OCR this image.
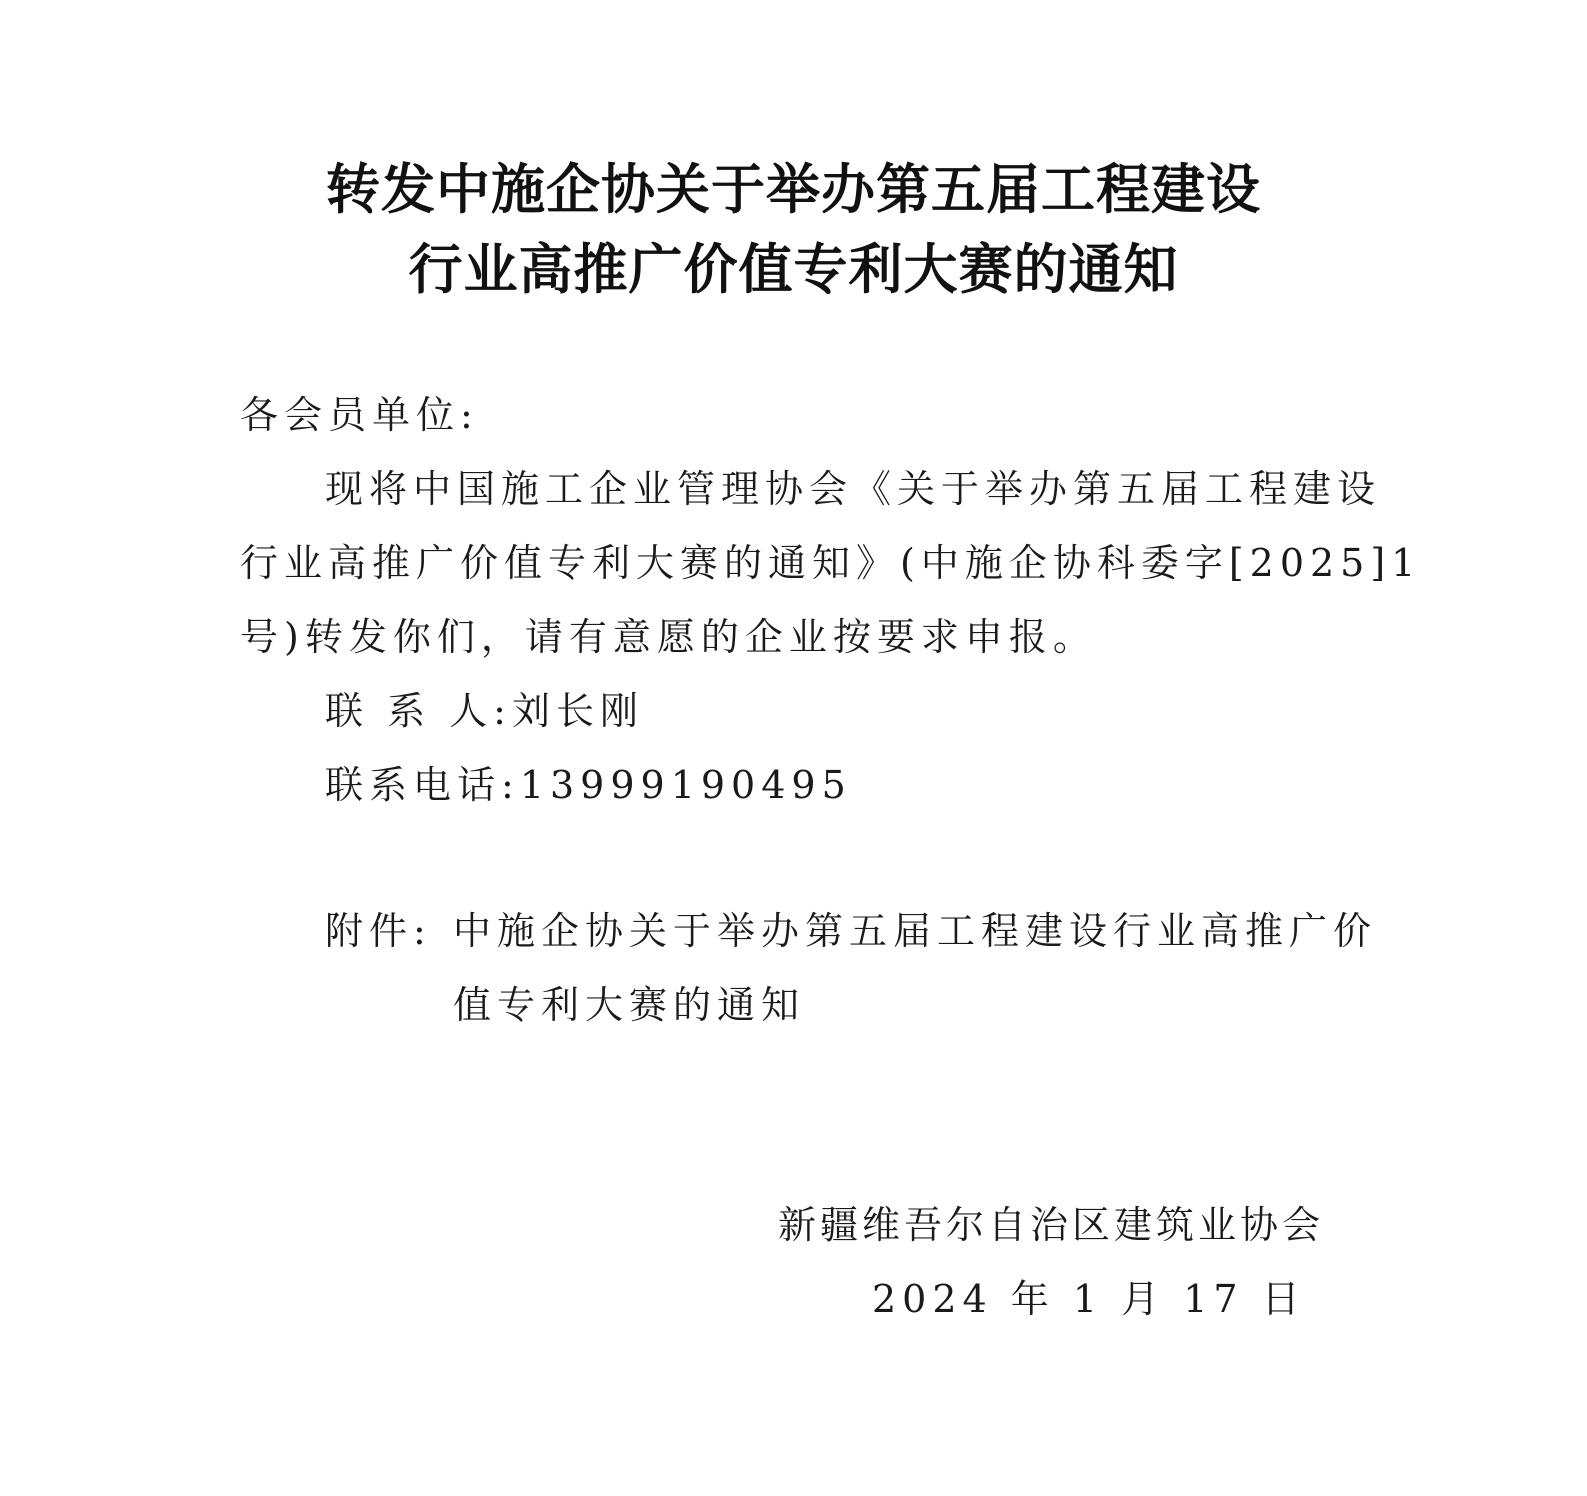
转发中施企协关于举办第五届工程建设
行业高推广价值专利大赛的通知
各会员单位:
现将中国施工企业管理协会《关于举办第五届工程建设
行业高推广价值专利大赛的通知》(中施企协科委字[2025]1
号)转发你们，请有意愿的企业按要求申报。
联 系 人:刘长刚
联系电话:13999190495
附件: 中施企协关于举办第五届工程建设行业高推广价
值专利大赛的通知
新疆维吾尔自治区建筑业协会
2024 年 1 月 17 日
